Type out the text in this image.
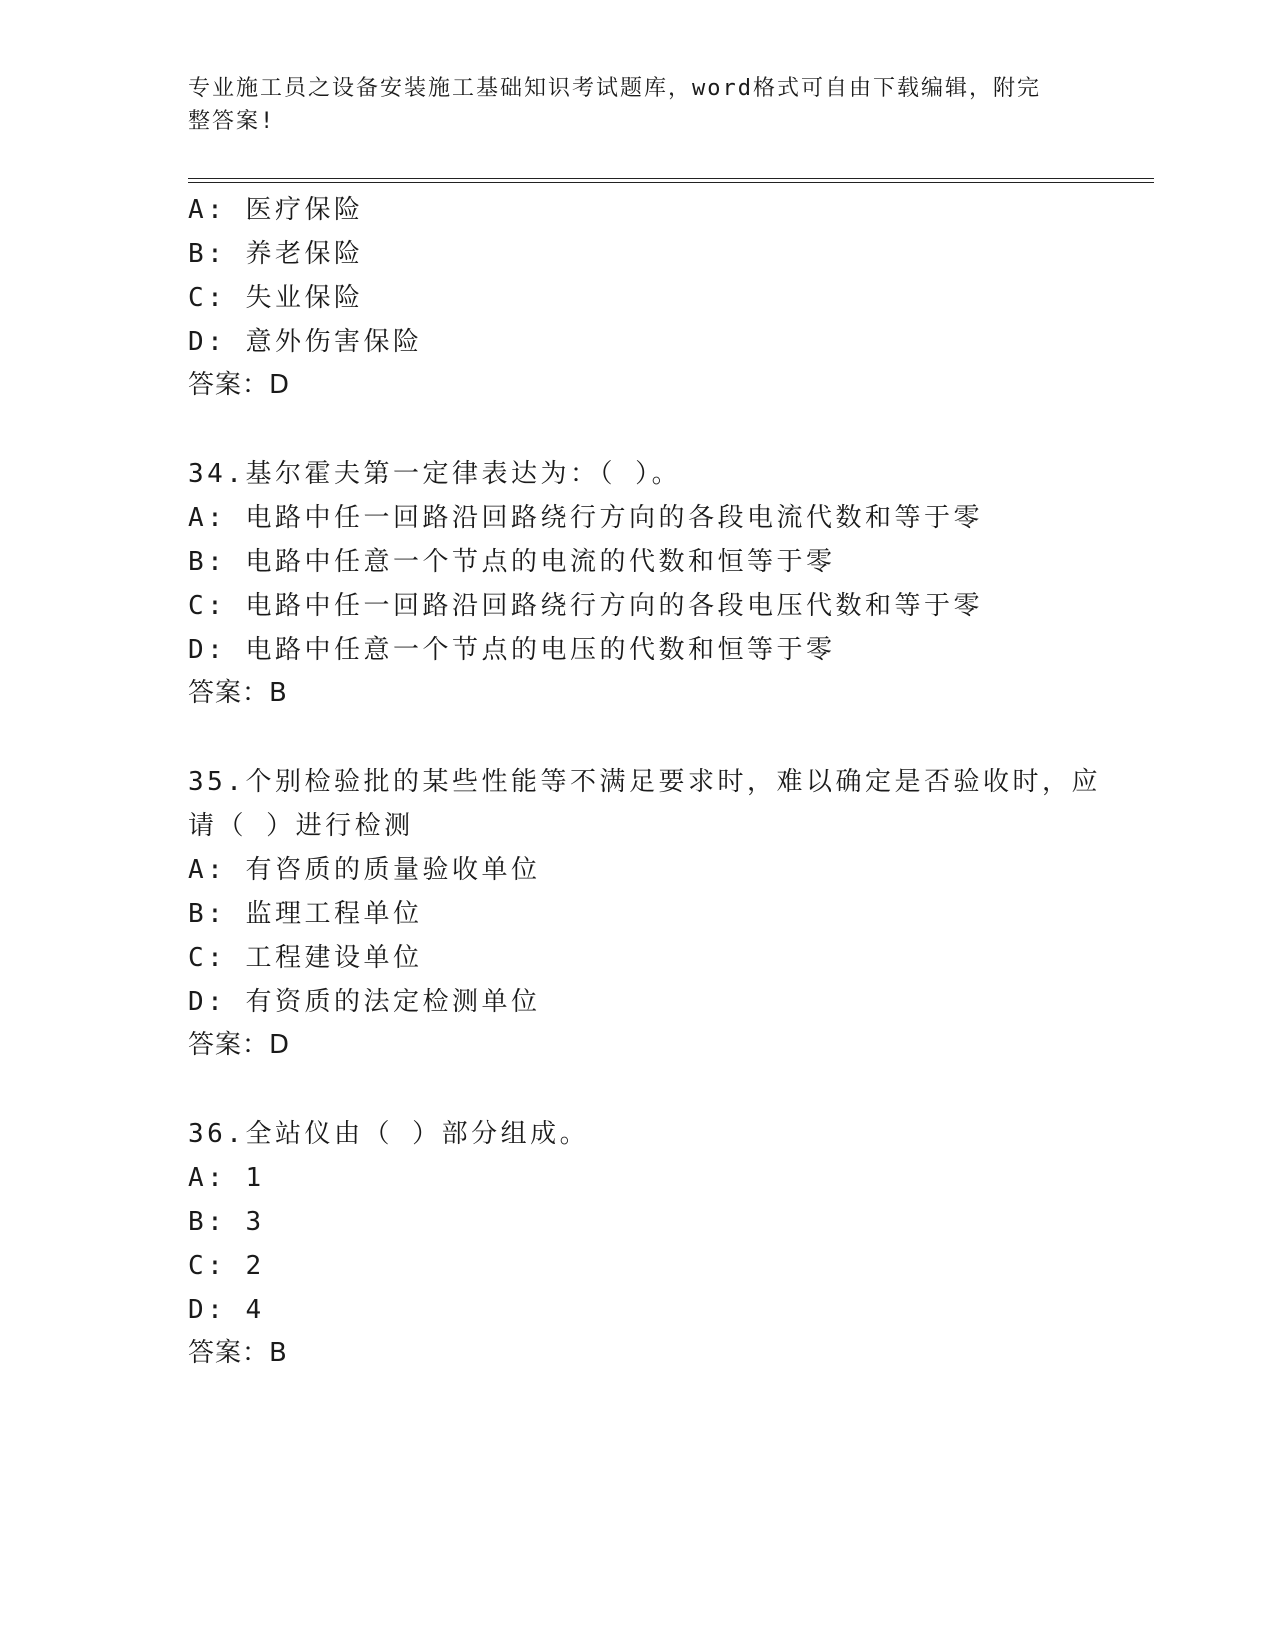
专业施工员之设备安装施工基础知识考试题库，word格式可自由下载编辑，附完
整答案!
A: 医疗保险
B: 养老保险
C: 失业保险
D: 意外伤害保险
答案：D
34.基尔霍夫第一定律表达为：（ ）。
A: 电路中任一回路沿回路绕行方向的各段电流代数和等于零
B: 电路中任意一个节点的电流的代数和恒等于零
C: 电路中任一回路沿回路绕行方向的各段电压代数和等于零
D: 电路中任意一个节点的电压的代数和恒等于零
答案：B
35.个别检验批的某些性能等不满足要求时，难以确定是否验收时，应
请（ ）进行检测
A: 有咨质的质量验收单位
B: 监理工程单位
C: 工程建设单位
D: 有资质的法定检测单位
答案：D
36.全站仪由（ ）部分组成。
A: 1
B: 3
C: 2
D: 4
答案：B
